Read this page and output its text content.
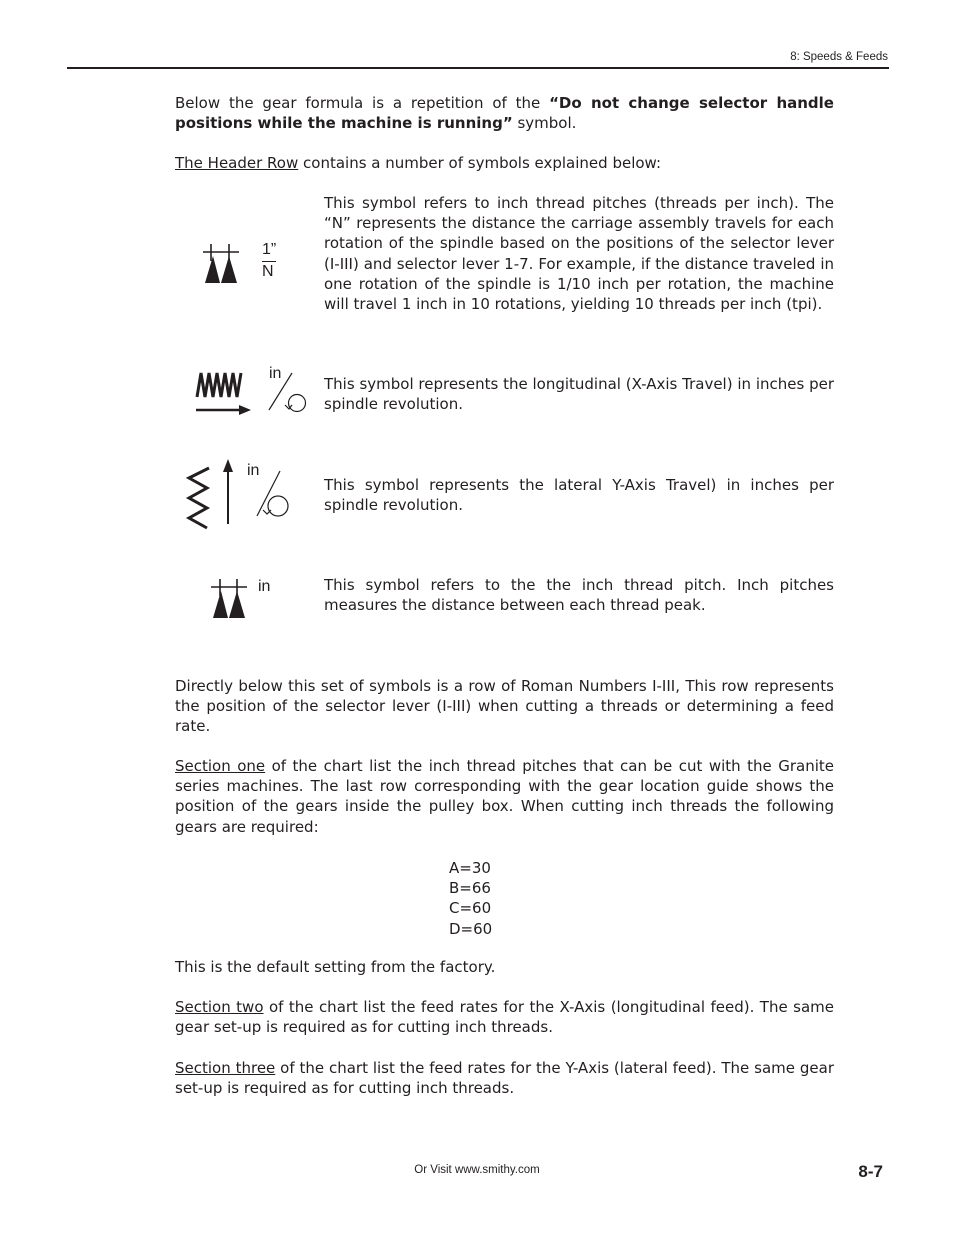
8: Speeds & Feeds

Below the gear formula is a repetition of the “Do not change selector handle positions while the machine is running” symbol.

The Header Row contains a number of symbols explained below:

1”
N

This symbol refers to inch thread pitches (threads per inch). The “N” represents the distance the carriage assembly travels for each rotation of the spindle based on the positions of the selector lever (I-III) and selector lever 1-7. For example, if the distance traveled in one rotation of the spindle is 1/10 inch per rotation, the machine will travel 1 inch in 10 rotations, yielding 10 threads per inch (tpi).

in

This symbol represents the longitudinal (X-Axis Travel) in inches per spindle revolution.

in

This symbol represents the lateral Y-Axis Travel) in inches per spindle revolution.

in	This symbol refers to the the inch thread pitch. Inch pitches measures the distance between each thread peak.

Directly below this set of symbols is a row of Roman Numbers I-III, This row represents the position of the selector lever (I-III) when cutting a threads or determining a feed rate.

Section one of the chart list the inch thread pitches that can be cut with the Granite series machines. The last row corresponding with the gear location guide shows the position of the gears inside the pulley box. When cutting inch threads the following gears are required:

A=30
B=66
C=60
D=60

This is the default setting from the factory.

Section two of the chart list the feed rates for the X-Axis (longitudinal feed). The same gear set-up is required as for cutting inch threads.

Section three of the chart list the feed rates for the Y-Axis (lateral feed). The same gear set-up is required as for cutting inch threads.

Or Visit www.smithy.com	8-7
